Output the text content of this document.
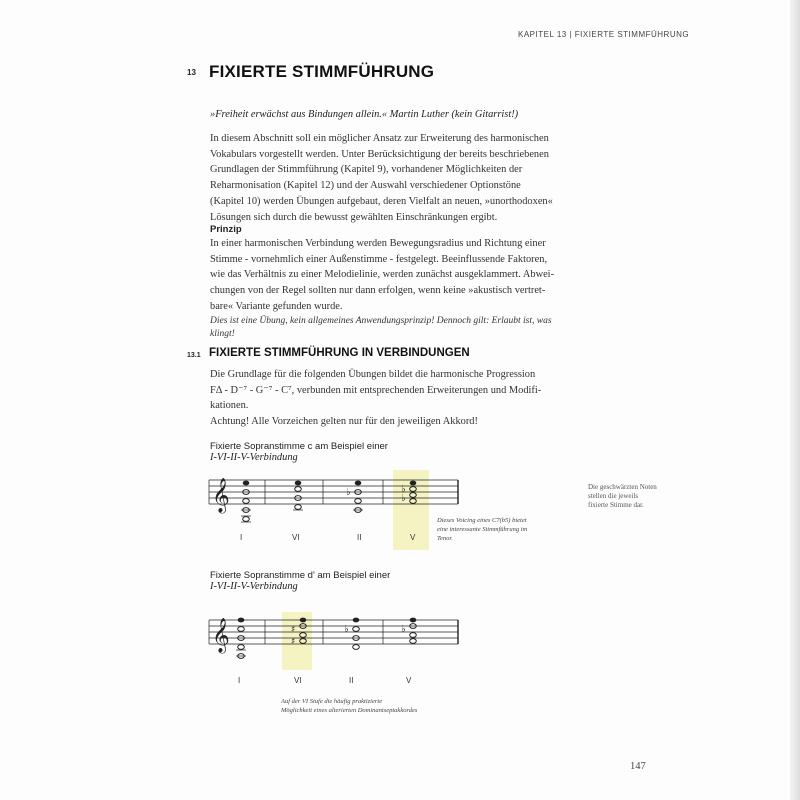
KAPITEL 13 | FIXIERTE STIMMFÜHRUNG
13 FIXIERTE STIMMFÜHRUNG
»Freiheit erwächst aus Bindungen allein.« Martin Luther (kein Gitarrist!)
In diesem Abschnitt soll ein möglicher Ansatz zur Erweiterung des harmonischen
Vokabulars vorgestellt werden. Unter Berücksichtigung der bereits beschriebenen
Grundlagen der Stimmführung (Kapitel 9), vorhandener Möglichkeiten der
Reharmonisation (Kapitel 12) und der Auswahl verschiedener Optionstöne
(Kapitel 10) werden Übungen aufgebaut, deren Vielfalt an neuen, »unorthodoxen«
Lösungen sich durch die bewusst gewählten Einschränkungen ergibt.
Prinzip
In einer harmonischen Verbindung werden Bewegungsradius und Richtung einer
Stimme - vornehmlich einer Außenstimme - festgelegt. Beeinflussende Faktoren,
wie das Verhältnis zu einer Melodielinie, werden zunächst ausgeklammert. Abwei-
chungen von der Regel sollten nur dann erfolgen, wenn keine »akustisch vertret-
bare« Variante gefunden wurde.
Dies ist eine Übung, kein allgemeines Anwendungsprinzip! Dennoch gilt: Erlaubt ist, was
klingt!
13.1 FIXIERTE STIMMFÜHRUNG IN VERBINDUNGEN
Die Grundlage für die folgenden Übungen bildet die harmonische Progression
FΔ - D⁻⁷ - G⁻⁷ - C⁷, verbunden mit entsprechenden Erweiterungen und Modifi-
kationen.
Achtung! Alle Vorzeichen gelten nur für den jeweiligen Akkord!
Fixierte Sopranstimme c am Beispiel einer
I-VI-II-V-Verbindung
𝄞	♭	♭
♭
I	VI	II	V
Dieses Voicing eines C7(b5) bietet
eine interessante Stimmführung im
Tenor.
Die geschwärzten Noten
stellen die jeweils
fixierte Stimme dar.
Fixierte Sopranstimme d' am Beispiel einer
I-VI-II-V-Verbindung
𝄞	♯
♯
♭	♭
I	VI	II	V
Auf der VI Stufe die häufig praktizierte
Möglichkeit eines alterierten Dominantseptakkordes
147
